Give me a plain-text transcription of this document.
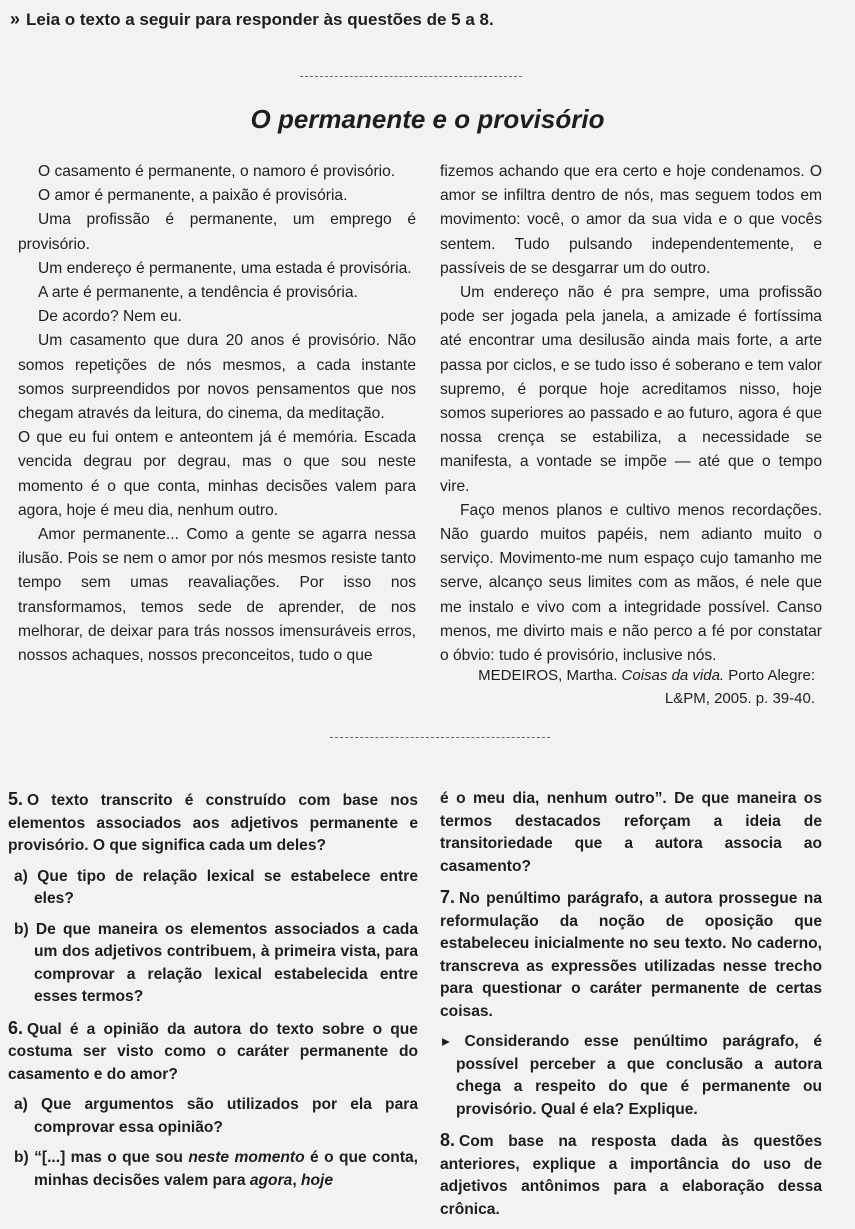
» Leia o texto a seguir para responder às questões de 5 a 8.
O permanente e o provisório

O casamento é permanente, o namoro é provisório.

O amor é permanente, a paixão é provisória.

Uma profissão é permanente, um emprego é provisório.

Um endereço é permanente, uma estada é provisória.

A arte é permanente, a tendência é provisória.

De acordo? Nem eu.

Um casamento que dura 20 anos é provisório. Não somos repetições de nós mesmos, a cada instante somos surpreendidos por novos pensamentos que nos chegam através da leitura, do cinema, da meditação.

O que eu fui ontem e anteontem já é memória. Escada vencida degrau por degrau, mas o que sou neste momento é o que conta, minhas decisões valem para agora, hoje é meu dia, nenhum outro.

Amor permanente... Como a gente se agarra nessa ilusão. Pois se nem o amor por nós mesmos resiste tanto tempo sem umas reavaliações. Por isso nos transformamos, temos sede de aprender, de nos melhorar, de deixar para trás nossos imensuráveis erros, nossos achaques, nossos preconceitos, tudo o que

fizemos achando que era certo e hoje condenamos. O amor se infiltra dentro de nós, mas seguem todos em movimento: você, o amor da sua vida e o que vocês sentem. Tudo pulsando independentemente, e passíveis de se desgarrar um do outro.

Um endereço não é pra sempre, uma profissão pode ser jogada pela janela, a amizade é fortíssima até encontrar uma desilusão ainda mais forte, a arte passa por ciclos, e se tudo isso é soberano e tem valor supremo, é porque hoje acreditamos nisso, hoje somos superiores ao passado e ao futuro, agora é que nossa crença se estabiliza, a necessidade se manifesta, a vontade se impõe — até que o tempo vire.

Faço menos planos e cultivo menos recordações. Não guardo muitos papéis, nem adianto muito o serviço. Movimento-me num espaço cujo tamanho me serve, alcanço seus limites com as mãos, é nele que me instalo e vivo com a integridade possível. Canso menos, me divirto mais e não perco a fé por constatar o óbvio: tudo é provisório, inclusive nós.

MEDEIROS, Martha. Coisas da vida. Porto Alegre:
L&PM, 2005. p. 39-40.
5. O texto transcrito é construído com base nos elementos associados aos adjetivos permanente e provisório. O que significa cada um deles?
a) Que tipo de relação lexical se estabelece entre eles?
b) De que maneira os elementos associados a cada um dos adjetivos contribuem, à primeira vista, para comprovar a relação lexical estabelecida entre esses termos?
6. Qual é a opinião da autora do texto sobre o que costuma ser visto como o caráter permanente do casamento e do amor?
a) Que argumentos são utilizados por ela para comprovar essa opinião?
b) “[...] mas o que sou neste momento é o que conta, minhas decisões valem para agora, hoje
é o meu dia, nenhum outro”. De que maneira os termos destacados reforçam a ideia de transitoriedade que a autora associa ao casamento?
7. No penúltimo parágrafo, a autora prossegue na reformulação da noção de oposição que estabeleceu inicialmente no seu texto. No caderno, transcreva as expressões utilizadas nesse trecho para questionar o caráter permanente de certas coisas.
▸ Considerando esse penúltimo parágrafo, é possível perceber a que conclusão a autora chega a respeito do que é permanente ou provisório. Qual é ela? Explique.
8. Com base na resposta dada às questões anteriores, explique a importância do uso de adjetivos antônimos para a elaboração dessa crônica.
